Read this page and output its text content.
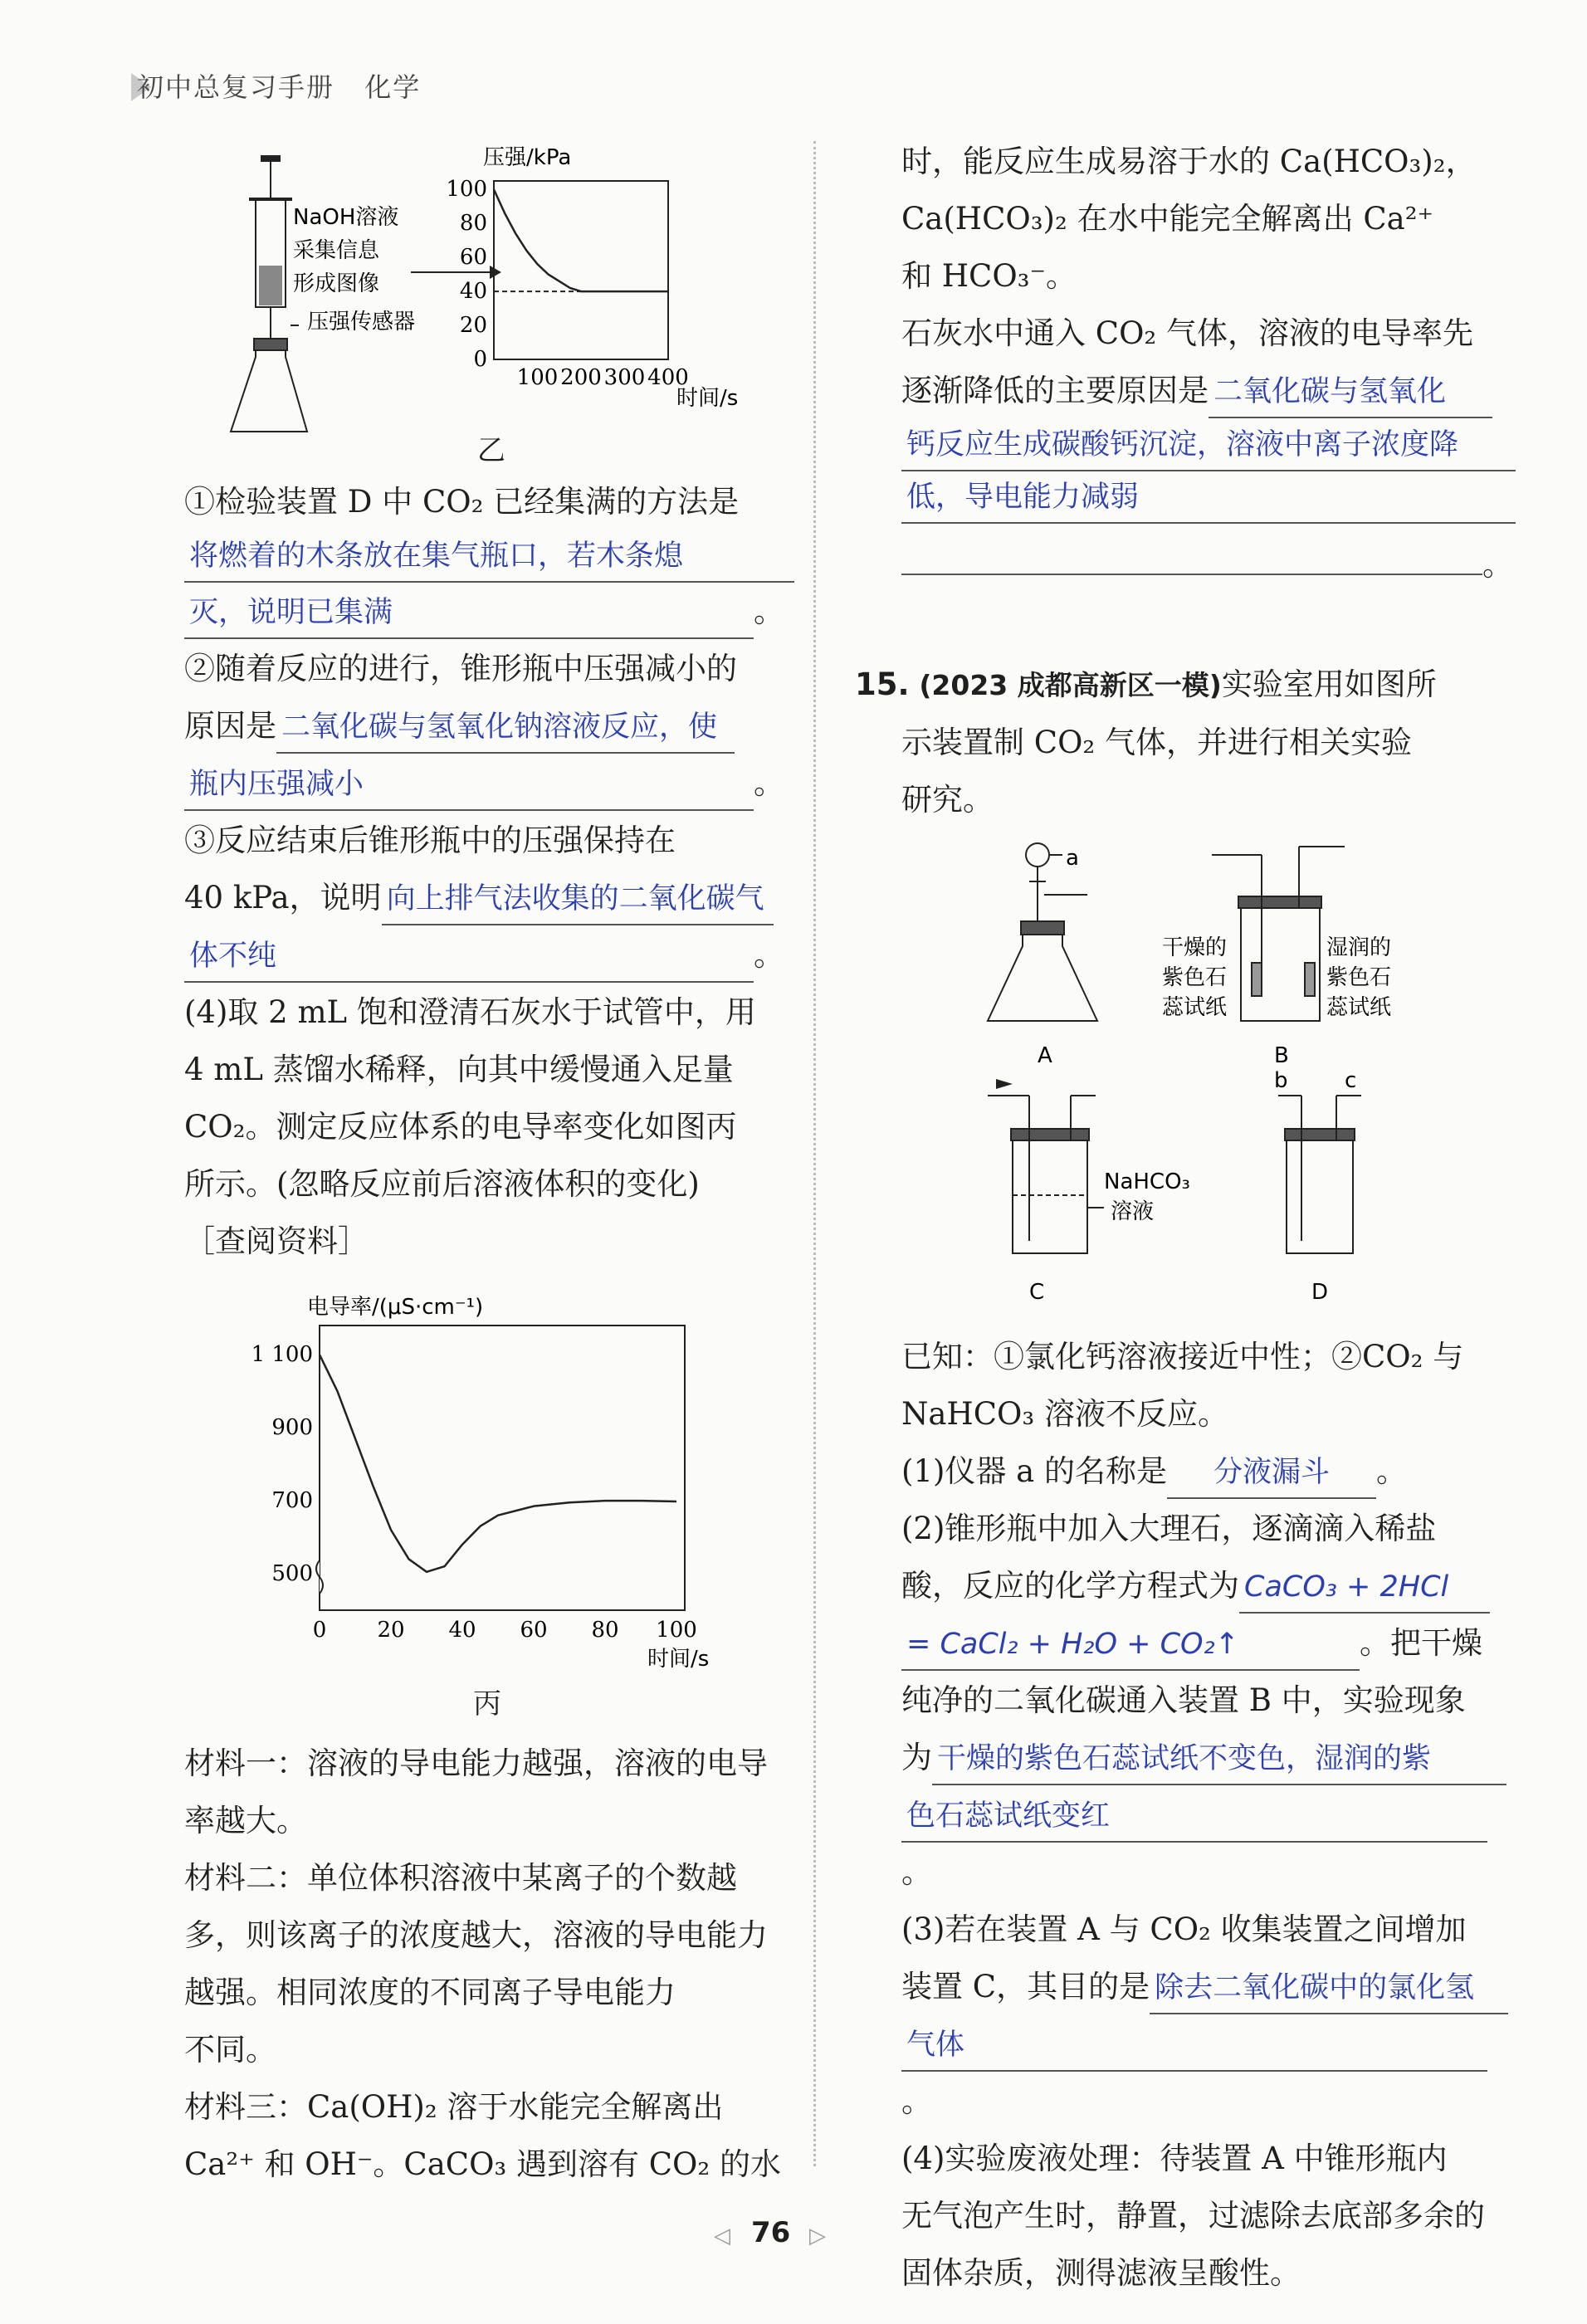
初中总复习手册 化学
NaOH溶液
采集信息
形成图像
压强传感器
0
20
40
60
80
100
100 200 300 400
压强/kPa
时间/s
乙

①检验装置 D 中 CO₂ 已经集满的方法是

将燃着的木条放在集气瓶口，若木条熄
灭，说明已集满	。

②随着反应的进行，锥形瓶中压强减小的

原因是 二氧化碳与氢氧化钠溶液反应，使

瓶内压强减小	。

③反应结束后锥形瓶中的压强保持在

40 kPa，说明 向上排气法收集的二氧化碳气

体不纯	。

(4)取 2 mL 饱和澄清石灰水于试管中，用

4 mL 蒸馏水稀释，向其中缓慢通入足量

CO₂。测定反应体系的电导率变化如图丙

所示。(忽略反应前后溶液体积的变化)

［查阅资料］

500
700
900
1 100
0 20 40 60 80 100
电导率/(μS·cm⁻¹)
时间/s
丙

材料一：溶液的导电能力越强，溶液的电导

率越大。

材料二：单位体积溶液中某离子的个数越

多，则该离子的浓度越大，溶液的导电能力

越强。相同浓度的不同离子导电能力

不同。

材料三：Ca(OH)₂ 溶于水能完全解离出

Ca²⁺ 和 OH⁻。CaCO₃ 遇到溶有 CO₂ 的水

时，能反应生成易溶于水的 Ca(HCO₃)₂，

Ca(HCO₃)₂ 在水中能完全解离出 Ca²⁺

和 HCO₃⁻。

石灰水中通入 CO₂ 气体，溶液的电导率先

逐渐降低的主要原因是 二氧化碳与氢氧化

钙反应生成碳酸钙沉淀，溶液中离子浓度降
低，导电能力减弱
。

15. (2023 成都高新区一模)实验室用如图所

示装置制 CO₂ 气体，并进行相关实验

研究。

a
A
干燥的
紫色石
蕊试纸
湿润的
紫色石
蕊试纸
B
NaHCO₃
溶液
C
b	c
D

已知：①氯化钙溶液接近中性；②CO₂ 与

NaHCO₃ 溶液不反应。

(1)仪器 a 的名称是 分液漏斗 。

(2)锥形瓶中加入大理石，逐滴滴入稀盐

酸，反应的化学方程式为 CaCO₃ + 2HCl

= CaCl₂ + H₂O + CO₂↑	。把干燥

纯净的二氧化碳通入装置 B 中，实验现象

为 干燥的紫色石蕊试纸不变色，湿润的紫

色石蕊试纸变红。

(3)若在装置 A 与 CO₂ 收集装置之间增加

装置 C，其目的是 除去二氧化碳中的氯化氢

气体。

(4)实验废液处理：待装置 A 中锥形瓶内

无气泡产生时，静置，过滤除去底部多余的

固体杂质，测得滤液呈酸性。

◁ 76 ▷
